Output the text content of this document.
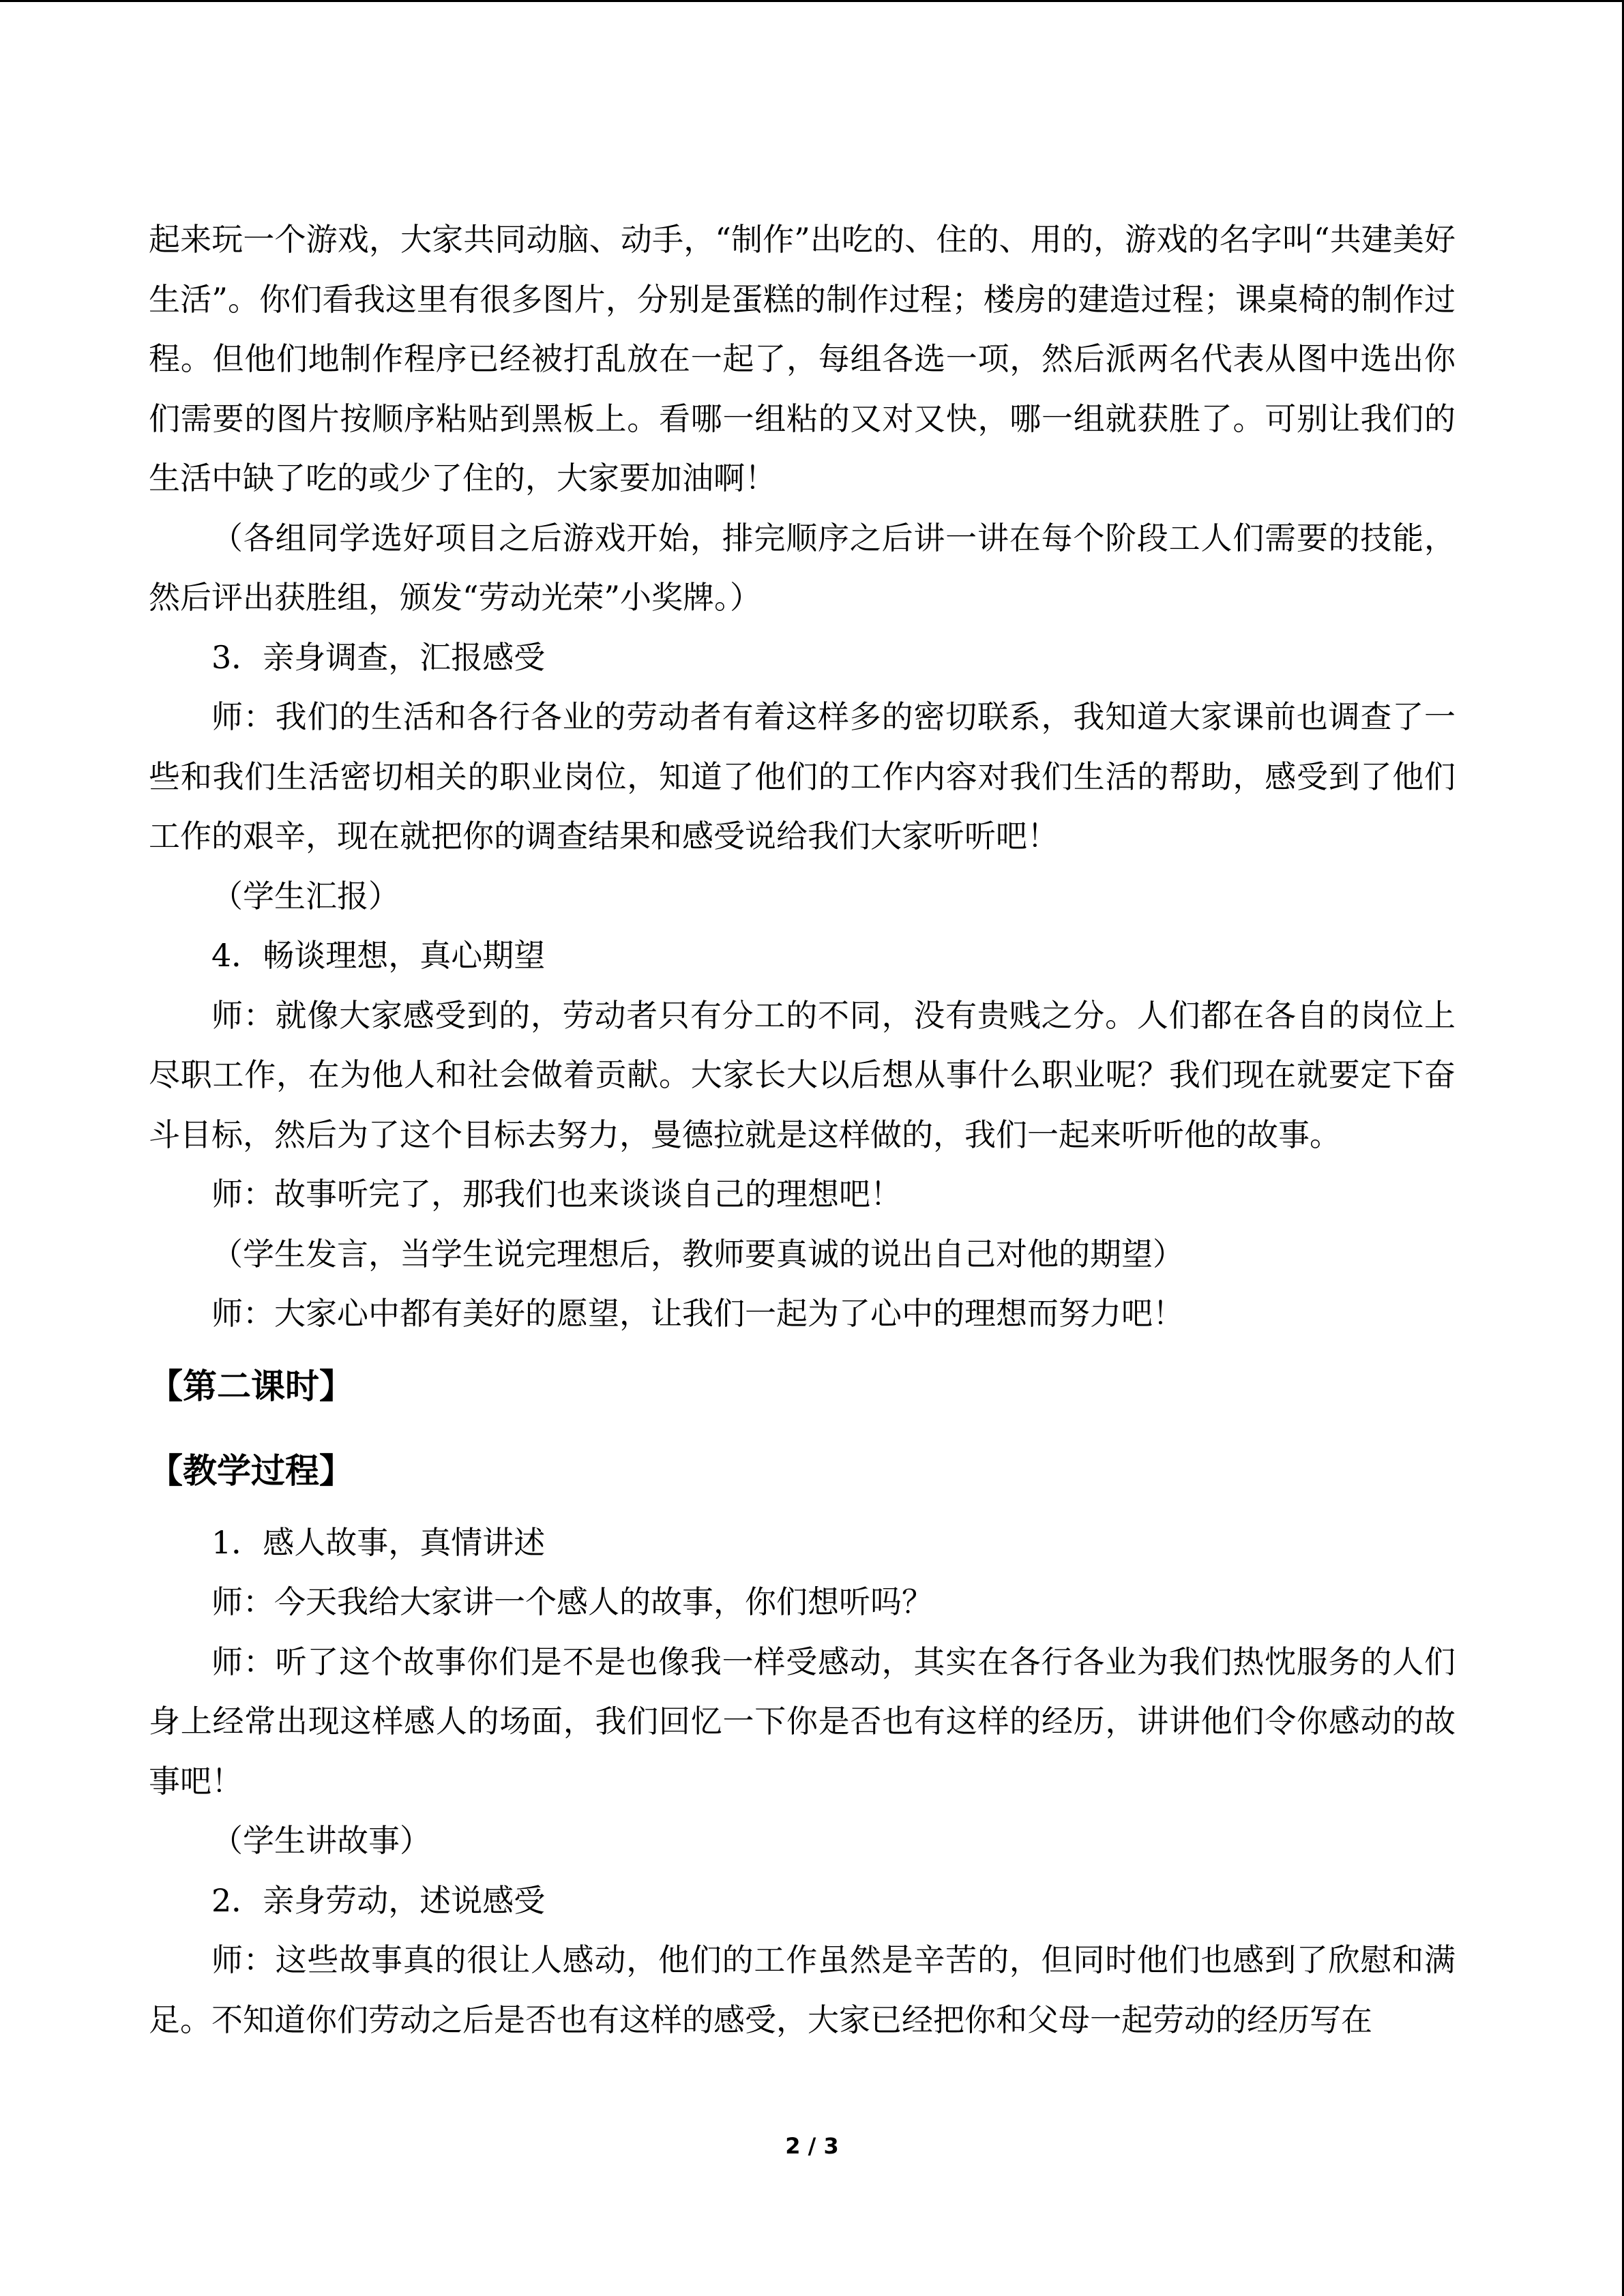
起来玩一个游戏，大家共同动脑、动手，“制作”出吃的、住的、用的，游戏的名字叫“共建美好生活”。你们看我这里有很多图片，分别是蛋糕的制作过程；楼房的建造过程；课桌椅的制作过程。但他们地制作程序已经被打乱放在一起了，每组各选一项，然后派两名代表从图中选出你们需要的图片按顺序粘贴到黑板上。看哪一组粘的又对又快，哪一组就获胜了。可别让我们的生活中缺了吃的或少了住的，大家要加油啊！

（各组同学选好项目之后游戏开始，排完顺序之后讲一讲在每个阶段工人们需要的技能，然后评出获胜组，颁发“劳动光荣”小奖牌。）

3．亲身调查，汇报感受

师：我们的生活和各行各业的劳动者有着这样多的密切联系，我知道大家课前也调查了一些和我们生活密切相关的职业岗位，知道了他们的工作内容对我们生活的帮助，感受到了他们工作的艰辛，现在就把你的调查结果和感受说给我们大家听听吧！

（学生汇报）

4．畅谈理想，真心期望

师：就像大家感受到的，劳动者只有分工的不同，没有贵贱之分。人们都在各自的岗位上尽职工作，在为他人和社会做着贡献。大家长大以后想从事什么职业呢？我们现在就要定下奋斗目标，然后为了这个目标去努力，曼德拉就是这样做的，我们一起来听听他的故事。

师：故事听完了，那我们也来谈谈自己的理想吧！

（学生发言，当学生说完理想后，教师要真诚的说出自己对他的期望）

师：大家心中都有美好的愿望，让我们一起为了心中的理想而努力吧！

【第二课时】

【教学过程】

1．感人故事，真情讲述

师：今天我给大家讲一个感人的故事，你们想听吗？

师：听了这个故事你们是不是也像我一样受感动，其实在各行各业为我们热忱服务的人们身上经常出现这样感人的场面，我们回忆一下你是否也有这样的经历，讲讲他们令你感动的故事吧！

（学生讲故事）

2．亲身劳动，述说感受

师：这些故事真的很让人感动，他们的工作虽然是辛苦的，但同时他们也感到了欣慰和满足。不知道你们劳动之后是否也有这样的感受，大家已经把你和父母一起劳动的经历写在

2 / 3
